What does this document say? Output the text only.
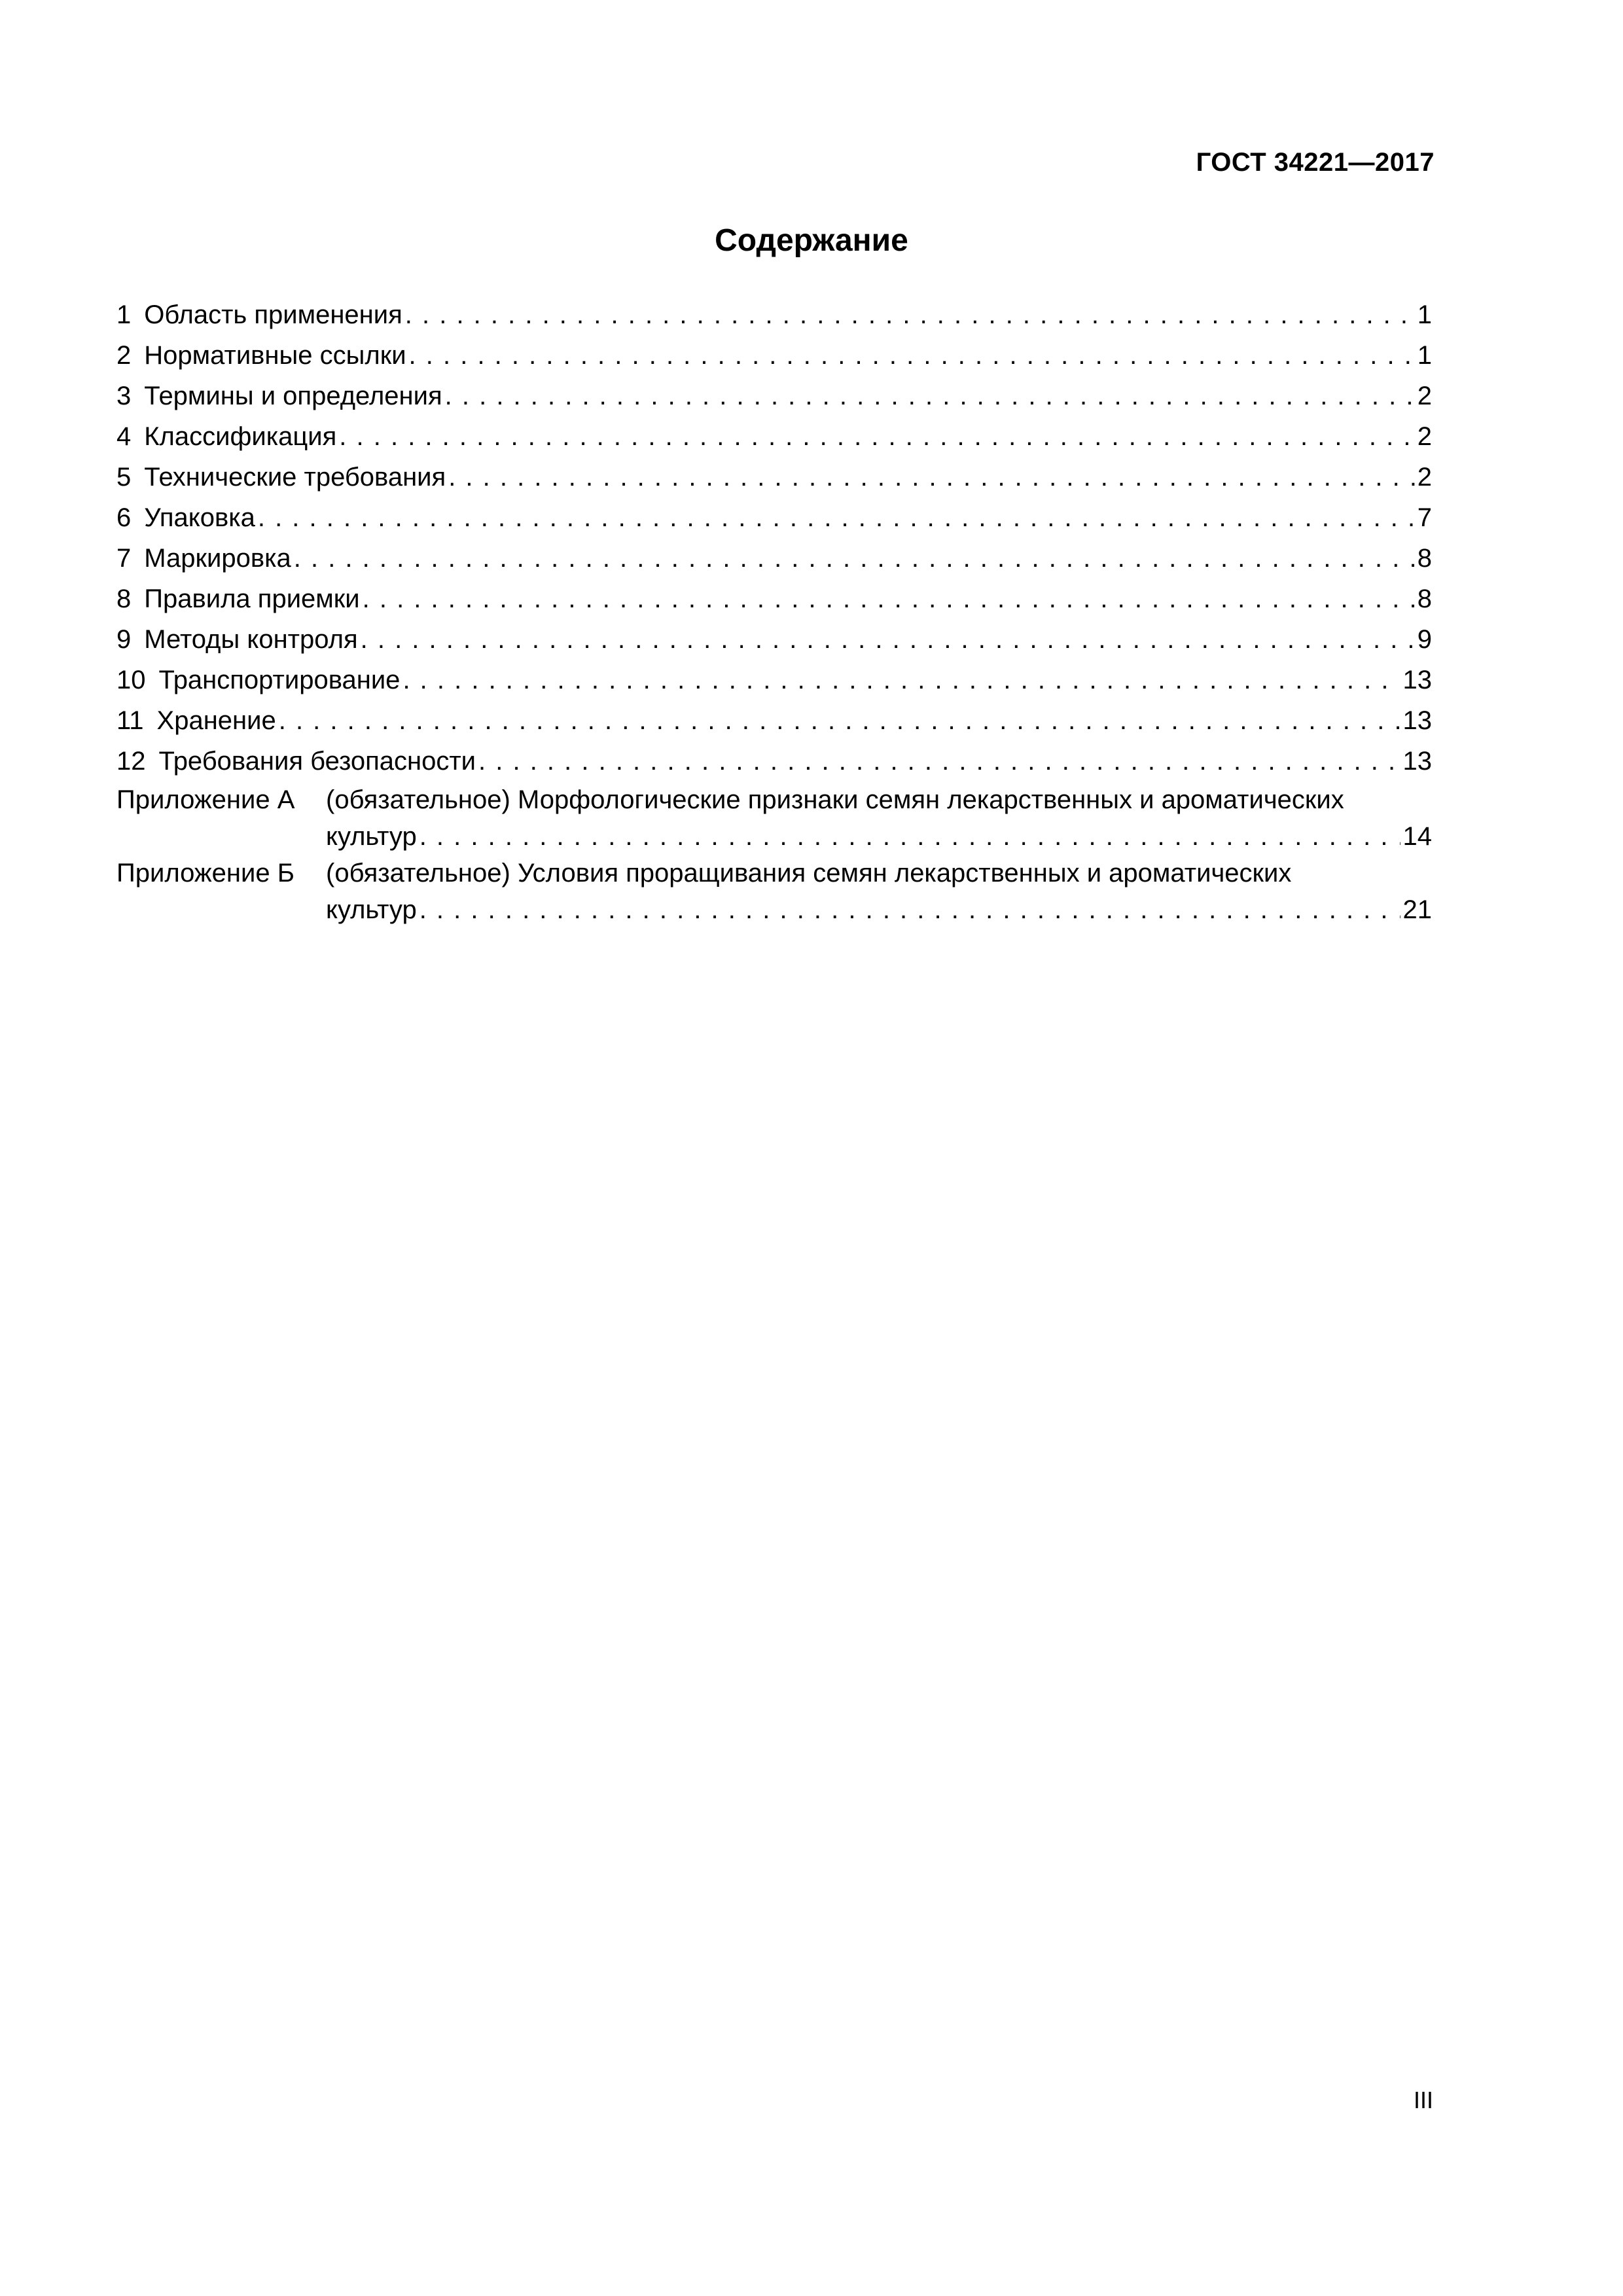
ГОСТ 34221—2017
Содержание
1 Область применения . . .	1
2 Нормативные ссылки . . .	1
3 Термины и определения . . .	2
4 Классификация . . .	2
5 Технические требования . . .	2
6 Упаковка . . .	7
7 Маркировка . . .	8
8 Правила приемки . . .	8
9 Методы контроля . . .	9
10 Транспортирование . . .	13
11 Хранение . . .	13
12 Требования безопасности . . .	13
Приложение А (обязательное) Морфологические признаки семян лекарственных и ароматических
культур . . .	14
Приложение Б (обязательное) Условия проращивания семян лекарственных и ароматических
культур . . .	21
III
